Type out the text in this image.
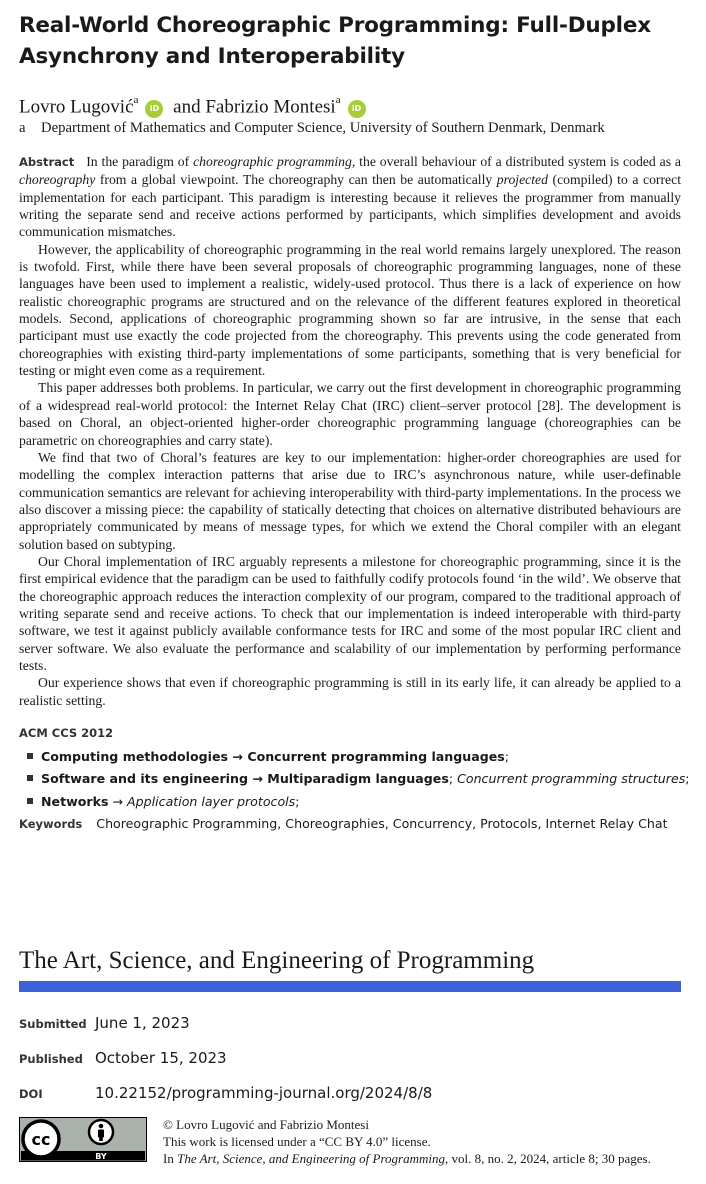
Real-World Choreographic Programming: Full-Duplex Asynchrony and Interoperability
Lovro Lugović$^a$iD and Fabrizio Montesi$^a$iD
a Department of Mathematics and Computer Science, University of Southern Denmark, Denmark

Abstract In the paradigm of choreographic programming, the overall behaviour of a distributed system is coded as a choreography from a global viewpoint. The choreography can then be automatically projected (compiled) to a correct implementation for each participant. This paradigm is interesting because it relieves the programmer from manually writing the separate send and receive actions performed by participants, which simplifies development and avoids communication mismatches.

However, the applicability of choreographic programming in the real world remains largely unexplored. The reason is twofold. First, while there have been several proposals of choreographic programming languages, none of these languages have been used to implement a realistic, widely-used protocol. Thus there is a lack of experience on how realistic choreographic programs are structured and on the relevance of the different features explored in theoretical models. Second, applications of choreographic programming shown so far are intrusive, in the sense that each participant must use exactly the code projected from the choreography. This prevents using the code generated from choreographies with existing third-party implementations of some participants, something that is very beneficial for testing or might even come as a requirement.

This paper addresses both problems. In particular, we carry out the first development in choreographic programming of a widespread real-world protocol: the Internet Relay Chat (IRC) client–server protocol [28]. The development is based on Choral, an object-oriented higher-order choreographic programming language (choreographies can be parametric on choreographies and carry state).

We find that two of Choral’s features are key to our implementation: higher-order choreographies are used for modelling the complex interaction patterns that arise due to IRC’s asynchronous nature, while user-definable communication semantics are relevant for achieving interoperability with third-party implementations. In the process we also discover a missing piece: the capability of statically detecting that choices on alternative distributed behaviours are appropriately communicated by means of message types, for which we extend the Choral compiler with an elegant solution based on subtyping.

Our Choral implementation of IRC arguably represents a milestone for choreographic programming, since it is the first empirical evidence that the paradigm can be used to faithfully codify protocols found ‘in the wild’. We observe that the choreographic approach reduces the interaction complexity of our program, compared to the traditional approach of writing separate send and receive actions. To check that our implementation is indeed interoperable with third-party software, we test it against publicly available conformance tests for IRC and some of the most popular IRC client and server software. We also evaluate the performance and scalability of our implementation by performing performance tests.

Our experience shows that even if choreographic programming is still in its early life, it can already be applied to a realistic setting.

ACM CCS 2012
Computing methodologies → Concurrent programming languages;
Software and its engineering → Multiparadigm languages; Concurrent programming structures;
Networks → Application layer protocols;
Keywords Choreographic Programming, Choreographies, Concurrency, Protocols, Internet Relay Chat
The Art, Science, and Engineering of Programming
Submitted June 1, 2023
Published October 15, 2023
DOI	10.22152/programming-journal.org/2024/8/8
cc
BY
© Lovro Lugović and Fabrizio Montesi
This work is licensed under a “CC BY 4.0” license.
In The Art, Science, and Engineering of Programming, vol. 8, no. 2, 2024, article 8; 30 pages.
